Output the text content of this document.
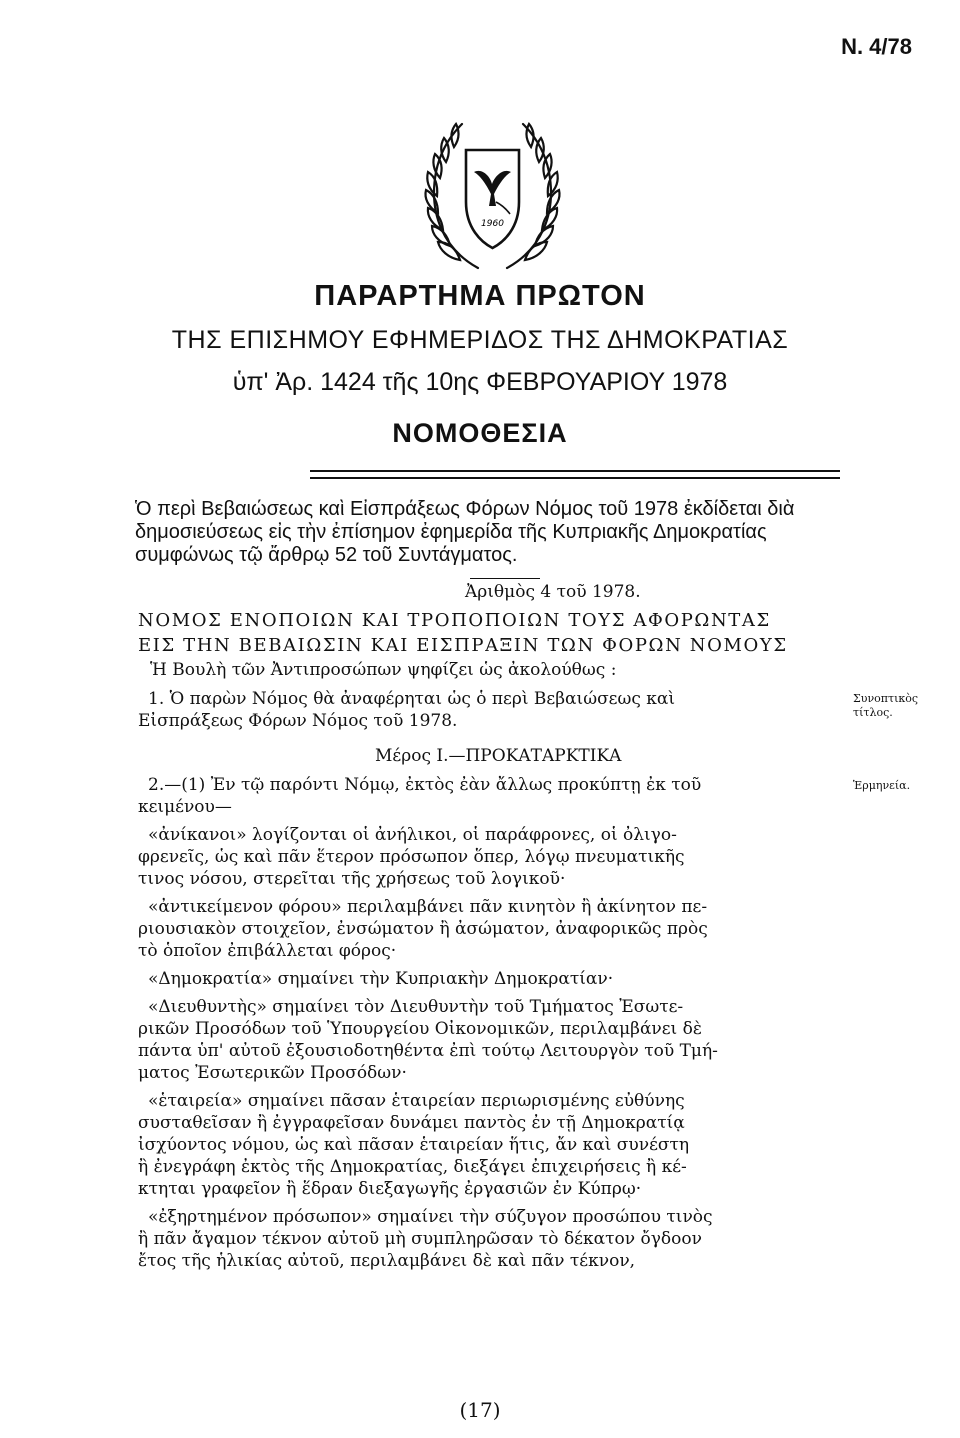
Ν. 4/78
1960
ΠΑΡΑΡΤΗΜΑ ΠΡΩΤΟΝ
ΤΗΣ ΕΠΙΣΗΜΟΥ ΕΦΗΜΕΡΙΔΟΣ ΤΗΣ ΔΗΜΟΚΡΑΤΙΑΣ
ὑπ' Ἀρ. 1424 τῆς 10ης ΦΕΒΡΟΥΑΡΙΟΥ 1978
ΝΟΜΟΘΕΣΙΑ
Ὁ περὶ Βεβαιώσεως καὶ Εἰσπράξεως Φόρων Νόμος τοῦ 1978 ἐκδίδεται διὰ
δημοσιεύσεως εἰς τὴν ἐπίσημον ἐφημερίδα τῆς Κυπριακῆς Δημοκρατίας
συμφώνως τῷ ἄρθρῳ 52 τοῦ Συντάγματος.
Ἀριθμὸς 4 τοῦ 1978.
ΝΟΜΟΣ ΕΝΟΠΟΙΩΝ ΚΑΙ ΤΡΟΠΟΠΟΙΩΝ ΤΟΥΣ ΑΦΟΡΩΝΤΑΣ
ΕΙΣ ΤΗΝ ΒΕΒΑΙΩΣΙΝ ΚΑΙ ΕΙΣΠΡΑΞΙΝ ΤΩΝ ΦΟΡΩΝ ΝΟΜΟΥΣ
Ἡ Βουλὴ τῶν Ἀντιπροσώπων ψηφίζει ὡς ἀκολούθως :
1. Ὁ παρὼν Νόμος θὰ ἀναφέρηται ὡς ὁ περὶ Βεβαιώσεως καὶ
Εἰσπράξεως Φόρων Νόμος τοῦ 1978.
Συνοπτικὸς
τίτλος.
Μέρος Ι.—ΠΡΟΚΑΤΑΡΚΤΙΚΑ
2.—(1) Ἐν τῷ παρόντι Νόμῳ, ἐκτὸς ἐὰν ἄλλως προκύπτῃ ἐκ τοῦ
κειμένου—
Ἑρμηνεία.
«ἀνίκανοι» λογίζονται οἱ ἀνήλικοι, οἱ παράφρονες, οἱ ὀλιγο-
φρενεῖς, ὡς καὶ πᾶν ἕτερον πρόσωπον ὅπερ, λόγῳ πνευματικῆς
τινος νόσου, στερεῖται τῆς χρήσεως τοῦ λογικοῦ·
«ἀντικείμενον φόρου» περιλαμβάνει πᾶν κινητὸν ἢ ἀκίνητον πε-
ριουσιακὸν στοιχεῖον, ἐνσώματον ἢ ἀσώματον, ἀναφορικῶς πρὸς
τὸ ὁποῖον ἐπιβάλλεται φόρος·
«Δημοκρατία» σημαίνει τὴν Κυπριακὴν Δημοκρατίαν·
«Διευθυντὴς» σημαίνει τὸν Διευθυντὴν τοῦ Τμήματος Ἐσωτε-
ρικῶν Προσόδων τοῦ Ὑπουργείου Οἰκονομικῶν, περιλαμβάνει δὲ
πάντα ὑπ' αὐτοῦ ἐξουσιοδοτηθέντα ἐπὶ τούτῳ Λειτουργὸν τοῦ Τμή-
ματος Ἐσωτερικῶν Προσόδων·
«ἑταιρεία» σημαίνει πᾶσαν ἑταιρείαν περιωρισμένης εὐθύνης
συσταθεῖσαν ἢ ἐγγραφεῖσαν δυνάμει παντὸς ἐν τῇ Δημοκρατίᾳ
ἰσχύοντος νόμου, ὡς καὶ πᾶσαν ἑταιρείαν ἥτις, ἄν καὶ συνέστη
ἢ ἐνεγράφη ἐκτὸς τῆς Δημοκρατίας, διεξάγει ἐπιχειρήσεις ἢ κέ-
κτηται γραφεῖον ἢ ἕδραν διεξαγωγῆς ἐργασιῶν ἐν Κύπρῳ·
«ἐξηρτημένον πρόσωπον» σημαίνει τὴν σύζυγον προσώπου τινὸς
ἢ πᾶν ἄγαμον τέκνον αὐτοῦ μὴ συμπληρῶσαν τὸ δέκατον ὄγδοον
ἔτος τῆς ἡλικίας αὐτοῦ, περιλαμβάνει δὲ καὶ πᾶν τέκνον,
(17)
